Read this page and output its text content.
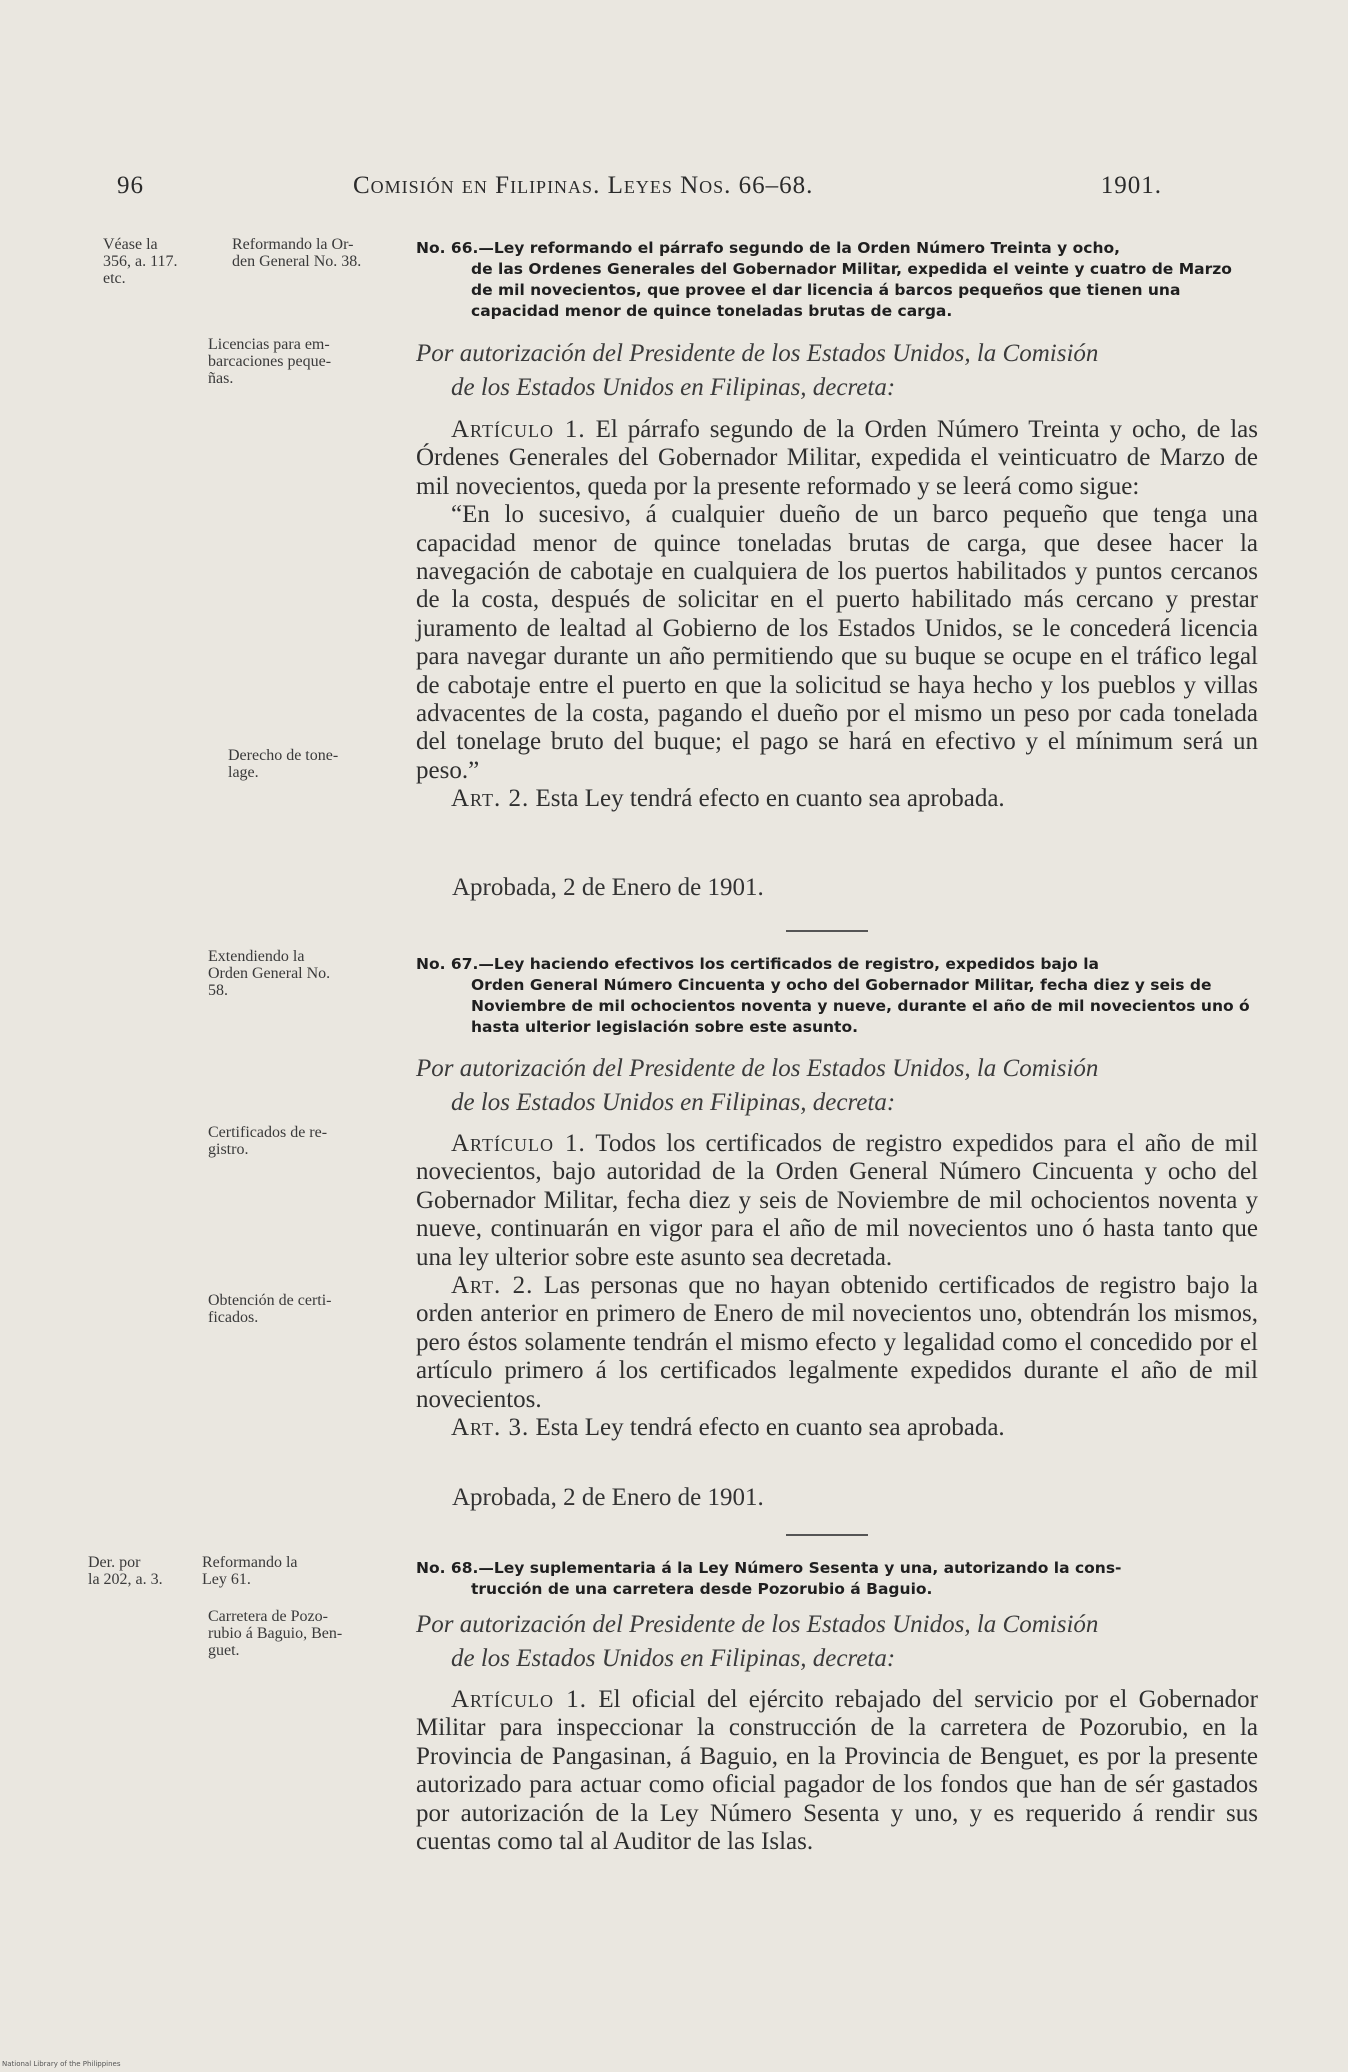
96	Comisión en Filipinas. Leyes Nos. 66–68.	1901.
Véase la
356, a. 117.
etc.
Reformando la Or-
den General No. 38.
Licencias para em-
barcaciones peque-
ñas.
Derecho de tone-
lage.
Extendiendo la
Orden General No.
58.
Certificados de re-
gistro.
Obtención de certi-
ficados.
Der. por
la 202, a. 3.
Reformando la
Ley 61.
Carretera de Pozo-
rubio á Baguio, Ben-
guet.
No. 66.—Ley reformando el párrafo segundo de la Orden Número Treinta y ocho,
de las Ordenes Generales del Gobernador Militar, expedida el veinte y cuatro de Marzo de mil novecientos, que provee el dar licencia á barcos pequeños que tienen una capacidad menor de quince toneladas brutas de carga.
Por autorización del Presidente de los Estados Unidos, la Comisión
de los Estados Unidos en Filipinas, decreta:

Artículo 1. El párrafo segundo de la Orden Número Treinta y ocho, de las Órdenes Generales del Gobernador Militar, expedida el veinticuatro de Marzo de mil novecientos, queda por la presente reformado y se leerá como sigue:

“En lo sucesivo, á cualquier dueño de un barco pequeño que tenga una capacidad menor de quince toneladas brutas de carga, que desee hacer la navegación de cabotaje en cualquiera de los puertos habilitados y puntos cercanos de la costa, después de solicitar en el puerto habilitado más cercano y prestar juramento de lealtad al Gobierno de los Estados Unidos, se le concederá licencia para navegar durante un año permitiendo que su buque se ocupe en el tráfico legal de cabotaje entre el puerto en que la solicitud se haya hecho y los pueblos y villas advacentes de la costa, pagando el dueño por el mismo un peso por cada tonelada del tonelage bruto del buque; el pago se hará en efectivo y el mínimum será un peso.”

Art. 2. Esta Ley tendrá efecto en cuanto sea aprobada.

Aprobada, 2 de Enero de 1901.
No. 67.—Ley haciendo efectivos los certificados de registro, expedidos bajo la
Orden General Número Cincuenta y ocho del Gobernador Militar, fecha diez y seis de Noviembre de mil ochocientos noventa y nueve, durante el año de mil novecientos uno ó hasta ulterior legislación sobre este asunto.
Por autorización del Presidente de los Estados Unidos, la Comisión
de los Estados Unidos en Filipinas, decreta:

Artículo 1. Todos los certificados de registro expedidos para el año de mil novecientos, bajo autoridad de la Orden General Número Cincuenta y ocho del Gobernador Militar, fecha diez y seis de Noviembre de mil ochocientos noventa y nueve, continuarán en vigor para el año de mil novecientos uno ó hasta tanto que una ley ulterior sobre este asunto sea decretada.

Art. 2. Las personas que no hayan obtenido certificados de registro bajo la orden anterior en primero de Enero de mil novecientos uno, obtendrán los mismos, pero éstos solamente tendrán el mismo efecto y legalidad como el concedido por el artículo primero á los certificados legalmente expedidos durante el año de mil novecientos.

Art. 3. Esta Ley tendrá efecto en cuanto sea aprobada.

Aprobada, 2 de Enero de 1901.
No. 68.—Ley suplementaria á la Ley Número Sesenta y una, autorizando la cons-
trucción de una carretera desde Pozorubio á Baguio.
Por autorización del Presidente de los Estados Unidos, la Comisión
de los Estados Unidos en Filipinas, decreta:

Artículo 1. El oficial del ejército rebajado del servicio por el Gobernador Militar para inspeccionar la construcción de la carretera de Pozorubio, en la Provincia de Pangasinan, á Baguio, en la Provincia de Benguet, es por la presente autorizado para actuar como oficial pagador de los fondos que han de sér gastados por autorización de la Ley Número Sesenta y uno, y es requerido á rendir sus cuentas como tal al Auditor de las Islas.

National Library of the Philippines
